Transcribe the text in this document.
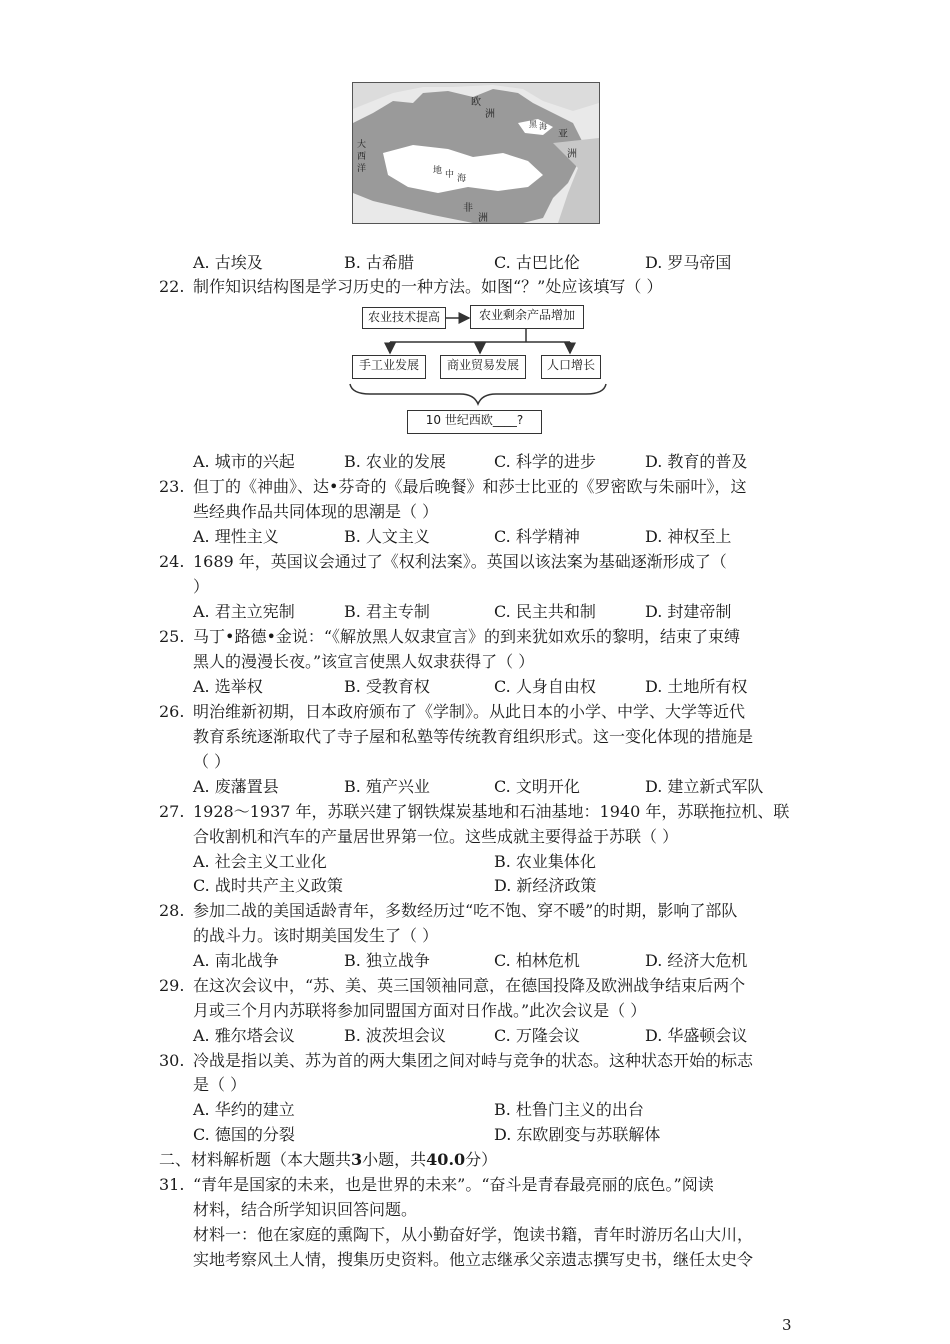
欧
洲
亚
洲
非
洲
大
西
洋	地 中 海
黑 海
A. 古埃及	B. 古希腊	C. 古巴比伦	D. 罗马帝国
22. 制作知识结构图是学习历史的一种方法。如图“？”处应该填写（ ）
农业技术提高	农业剩余产品增加
手工业发展	商业贸易发展	人口增长
10 世纪西欧____?
A. 城市的兴起	B. 农业的发展	C. 科学的进步	D. 教育的普及
23. 但丁的《神曲》、达•芬奇的《最后晚餐》和莎士比亚的《罗密欧与朱丽叶》，这
些经典作品共同体现的思潮是（ ）
A. 理性主义	B. 人文主义	C. 科学精神	D. 神权至上
24. 1689 年，英国议会通过了《权利法案》。英国以该法案为基础逐渐形成了（
）
A. 君主立宪制	B. 君主专制	C. 民主共和制	D. 封建帝制
25. 马丁•路德•金说：“《解放黑人奴隶宣言》的到来犹如欢乐的黎明，结束了束缚
黑人的漫漫长夜。”该宣言使黑人奴隶获得了（ ）
A. 选举权	B. 受教育权	C. 人身自由权	D. 土地所有权
26. 明治维新初期，日本政府颁布了《学制》。从此日本的小学、中学、大学等近代
教育系统逐渐取代了寺子屋和私塾等传统教育组织形式。这一变化体现的措施是
（ ）
A. 废藩置县	B. 殖产兴业	C. 文明开化	D. 建立新式军队
27. 1928～1937 年，苏联兴建了钢铁煤炭基地和石油基地：1940 年，苏联拖拉机、联
合收割机和汽车的产量居世界第一位。这些成就主要得益于苏联（ ）
A. 社会主义工业化	B. 农业集体化
C. 战时共产主义政策	D. 新经济政策
28. 参加二战的美国适龄青年，多数经历过“吃不饱、穿不暖”的时期，影响了部队
的战斗力。该时期美国发生了（ ）
A. 南北战争	B. 独立战争	C. 柏林危机	D. 经济大危机
29. 在这次会议中，“苏、美、英三国领袖同意，在德国投降及欧洲战争结束后两个
月或三个月内苏联将参加同盟国方面对日作战。”此次会议是（ ）
A. 雅尔塔会议	B. 波茨坦会议	C. 万隆会议	D. 华盛顿会议
30. 冷战是指以美、苏为首的两大集团之间对峙与竞争的状态。这种状态开始的标志
是（ ）
A. 华约的建立	B. 杜鲁门主义的出台
C. 德国的分裂	D. 东欧剧变与苏联解体
二、材料解析题（本大题共3小题，共40.0分）
31. “青年是国家的未来，也是世界的未来”。“奋斗是青春最亮丽的底色。”阅读
材料，结合所学知识回答问题。
材料一：他在家庭的熏陶下，从小勤奋好学，饱读书籍，青年时游历名山大川，
实地考察风土人情，搜集历史资料。他立志继承父亲遗志撰写史书，继任太史令
3
